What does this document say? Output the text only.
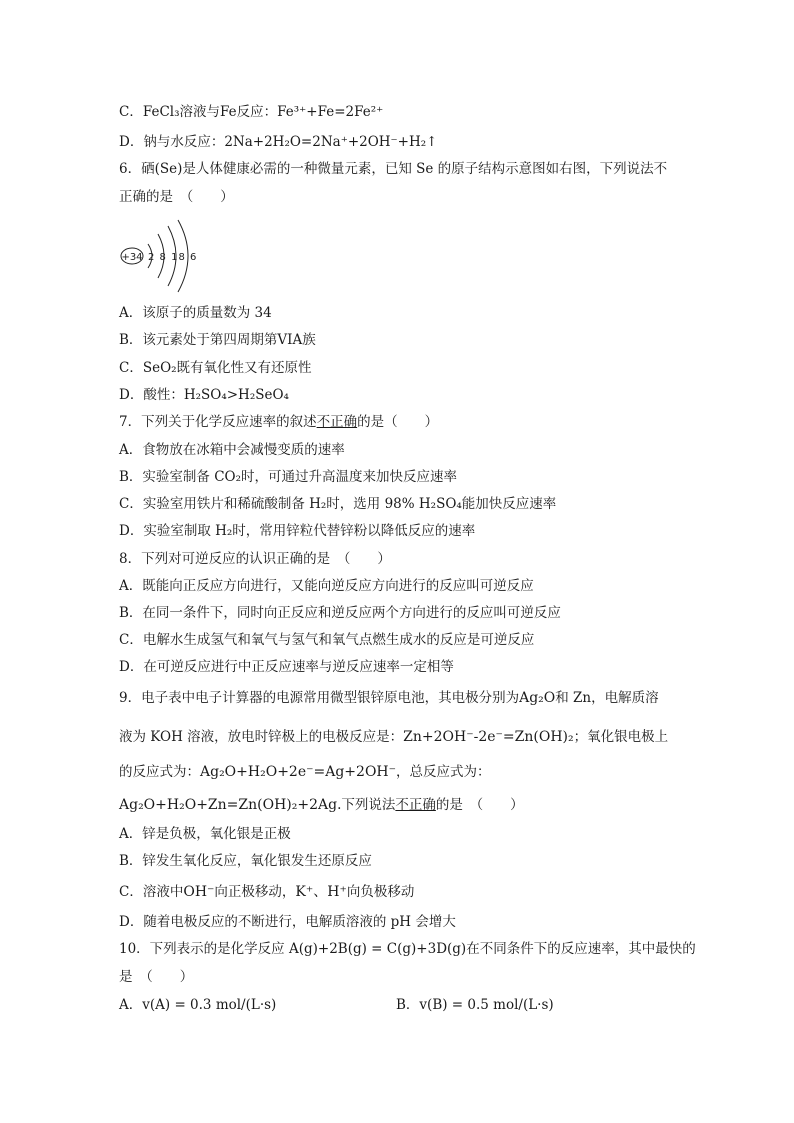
C．FeCl₃溶液与Fe反应：Fe³⁺+Fe=2Fe²⁺
D．钠与水反应：2Na+2H₂O=2Na⁺+2OH⁻+H₂↑
6．硒(Se)是人体健康必需的一种微量元素，已知 Se 的原子结构示意图如右图，下列说法不
正确的是　（　　）
+34 2 8 18 6
A．该原子的质量数为 34
B．该元素处于第四周期第VIA族
C．SeO₂既有氧化性又有还原性
D．酸性：H₂SO₄>H₂SeO₄
7．下列关于化学反应速率的叙述不正确的是（　　）
A．食物放在冰箱中会减慢变质的速率
B．实验室制备 CO₂时，可通过升高温度来加快反应速率
C．实验室用铁片和稀硫酸制备 H₂时，选用 98% H₂SO₄能加快反应速率
D．实验室制取 H₂时，常用锌粒代替锌粉以降低反应的速率
8．下列对可逆反应的认识正确的是　（　　）
A．既能向正反应方向进行，又能向逆反应方向进行的反应叫可逆反应
B．在同一条件下，同时向正反应和逆反应两个方向进行的反应叫可逆反应
C．电解水生成氢气和氧气与氢气和氧气点燃生成水的反应是可逆反应
D．在可逆反应进行中正反应速率与逆反应速率一定相等
9．电子表中电子计算器的电源常用微型银锌原电池，其电极分别为Ag₂O和 Zn，电解质溶
液为 KOH 溶液，放电时锌极上的电极反应是：Zn+2OH⁻-2e⁻=Zn(OH)₂；氧化银电极上
的反应式为：Ag₂O+H₂O+2e⁻=Ag+2OH⁻，总反应式为：
Ag₂O+H₂O+Zn=Zn(OH)₂+2Ag.下列说法不正确的是　（　　）
A．锌是负极，氧化银是正极
B．锌发生氧化反应，氧化银发生还原反应
C．溶液中OH⁻向正极移动，K⁺、H⁺向负极移动
D．随着电极反应的不断进行，电解质溶液的 pH 会增大
10．下列表示的是化学反应 A(g)+2B(g) = C(g)+3D(g)在不同条件下的反应速率，其中最快的
是　（　　）
A．v(A) = 0.3 mol/(L·s)	B．v(B) = 0.5 mol/(L·s)
